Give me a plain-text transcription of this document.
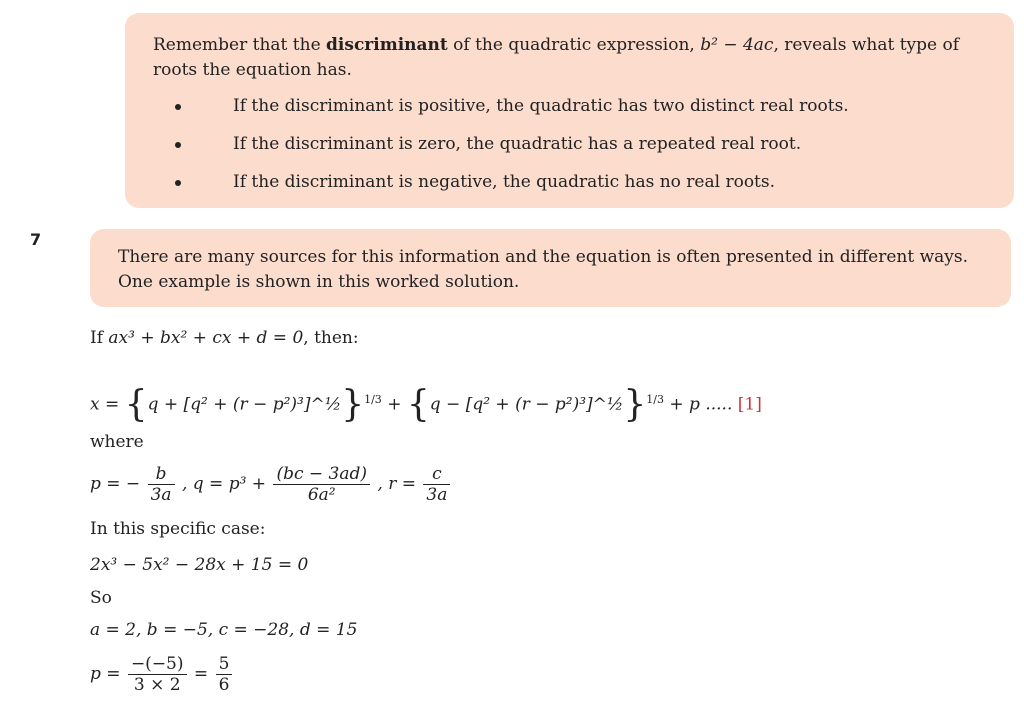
Remember that the discriminant of the quadratic expression, b² − 4ac, reveals what type of roots the equation has.

If the discriminant is positive, the quadratic has two distinct real roots.
If the discriminant is zero, the quadratic has a repeated real root.
If the discriminant is negative, the quadratic has no real roots.
7

There are many sources for this information and the equation is often presented in different ways. One example is shown in this worked solution.

If ax³ + bx² + cx + d = 0, then:
x = {q + [q² + (r − p²)³]^½}$^{1/3}$ + {q − [q² + (r − p²)³]^½}$^{1/3}$ + p ..... [1]
where
p = − $\frac{b}{3a}$ , $q = p^3 + \frac{(bc - 3ad)}{\text{6a²}}$ , $r = \frac{c}{3a}$
In this specific case:
2x³ − 5x² − 28x + 15 = 0
So
a = 2, b = −5, c = −28, d = 15
$p = \frac{-(-5)}{3 \times 2} = \frac{5}{6}$
